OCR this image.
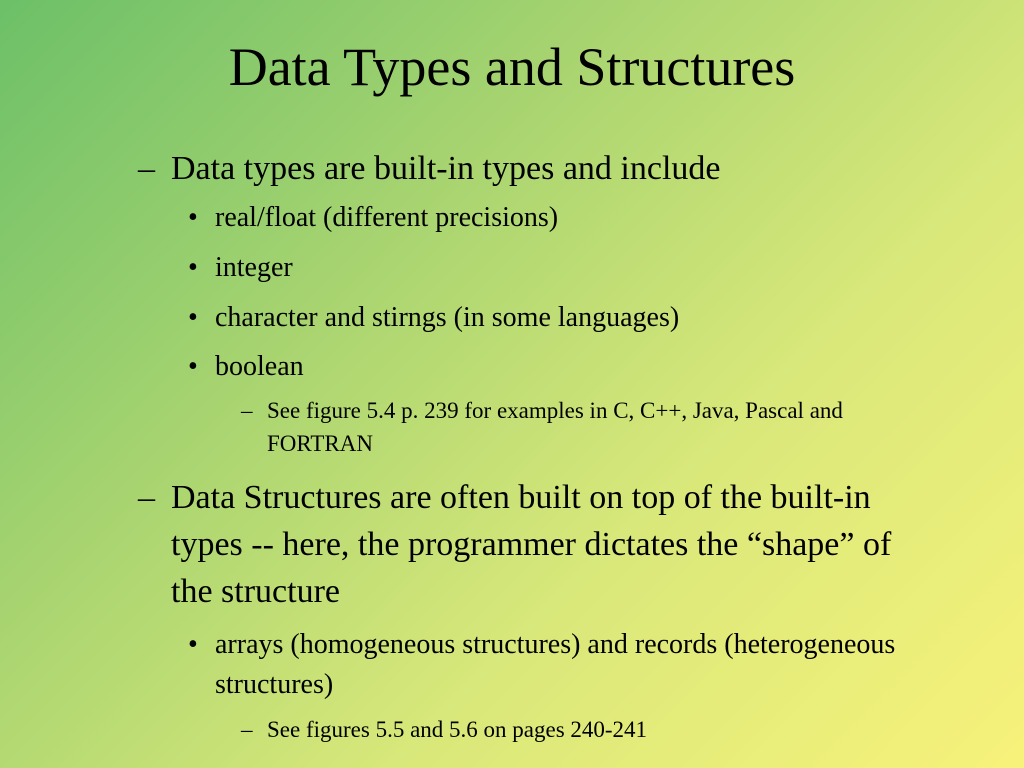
Data Types and Structures
– Data types are built-in types and include
• real/float (different precisions)
• integer
• character and stirngs (in some languages)
• boolean
– See figure 5.4 p. 239 for examples in C, C++, Java, Pascal and FORTRAN
– Data Structures are often built on top of the built-in types -- here, the programmer dictates the “shape” of the structure
• arrays (homogeneous structures) and records (heterogeneous structures)
– See figures 5.5 and 5.6 on pages 240-241
